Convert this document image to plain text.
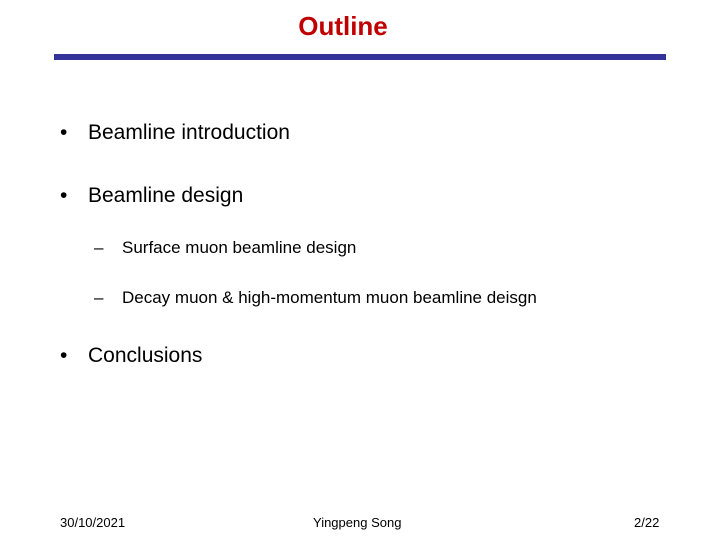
Outline
• Beamline introduction
• Beamline design
– Surface muon beamline design
– Decay muon & high-momentum muon beamline deisgn
• Conclusions
30/10/2021	Yingpeng Song	2/22
